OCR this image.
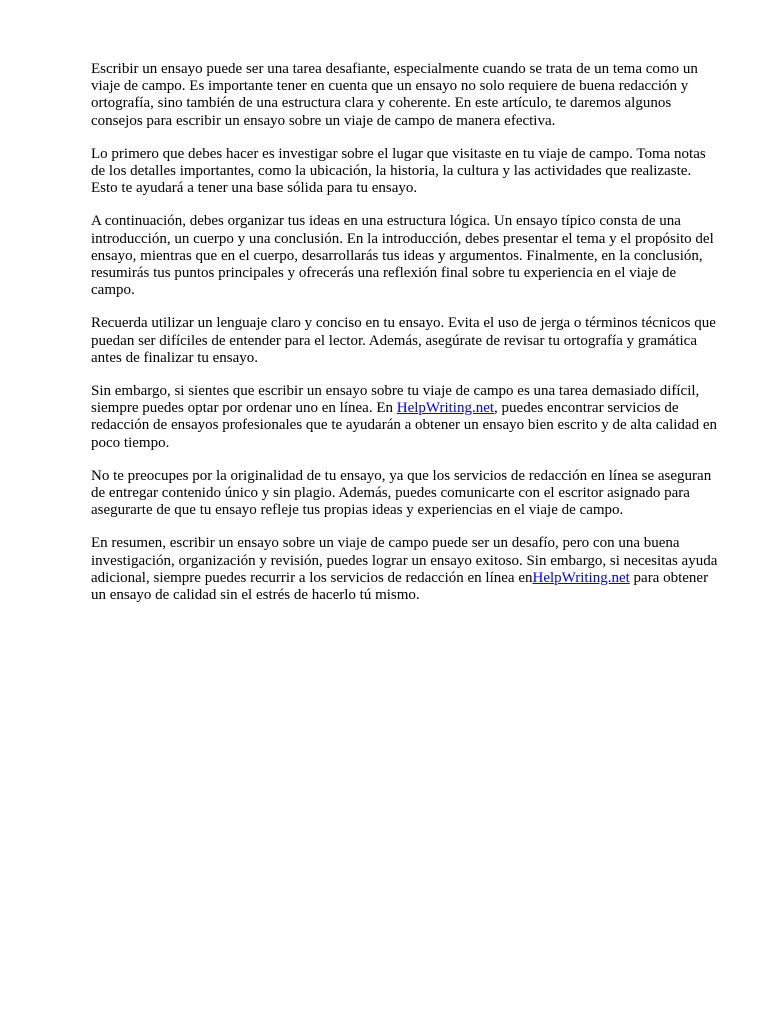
Escribir un ensayo puede ser una tarea desafiante, especialmente cuando se trata de un tema como un viaje de campo. Es importante tener en cuenta que un ensayo no solo requiere de buena redacción y ortografía, sino también de una estructura clara y coherente. En este artículo, te daremos algunos consejos para escribir un ensayo sobre un viaje de campo de manera efectiva.

Lo primero que debes hacer es investigar sobre el lugar que visitaste en tu viaje de campo. Toma notas de los detalles importantes, como la ubicación, la historia, la cultura y las actividades que realizaste. Esto te ayudará a tener una base sólida para tu ensayo.

A continuación, debes organizar tus ideas en una estructura lógica. Un ensayo típico consta de una introducción, un cuerpo y una conclusión. En la introducción, debes presentar el tema y el propósito del ensayo, mientras que en el cuerpo, desarrollarás tus ideas y argumentos. Finalmente, en la conclusión, resumirás tus puntos principales y ofrecerás una reflexión final sobre tu experiencia en el viaje de campo.

Recuerda utilizar un lenguaje claro y conciso en tu ensayo. Evita el uso de jerga o términos técnicos que puedan ser difíciles de entender para el lector. Además, asegúrate de revisar tu ortografía y gramática antes de finalizar tu ensayo.

Sin embargo, si sientes que escribir un ensayo sobre tu viaje de campo es una tarea demasiado difícil, siempre puedes optar por ordenar uno en línea. En HelpWriting.net, puedes encontrar servicios de redacción de ensayos profesionales que te ayudarán a obtener un ensayo bien escrito y de alta calidad en poco tiempo.

No te preocupes por la originalidad de tu ensayo, ya que los servicios de redacción en línea se aseguran de entregar contenido único y sin plagio. Además, puedes comunicarte con el escritor asignado para asegurarte de que tu ensayo refleje tus propias ideas y experiencias en el viaje de campo.

En resumen, escribir un ensayo sobre un viaje de campo puede ser un desafío, pero con una buena investigación, organización y revisión, puedes lograr un ensayo exitoso. Sin embargo, si necesitas ayuda adicional, siempre puedes recurrir a los servicios de redacción en línea enHelpWriting.net para obtener un ensayo de calidad sin el estrés de hacerlo tú mismo.
